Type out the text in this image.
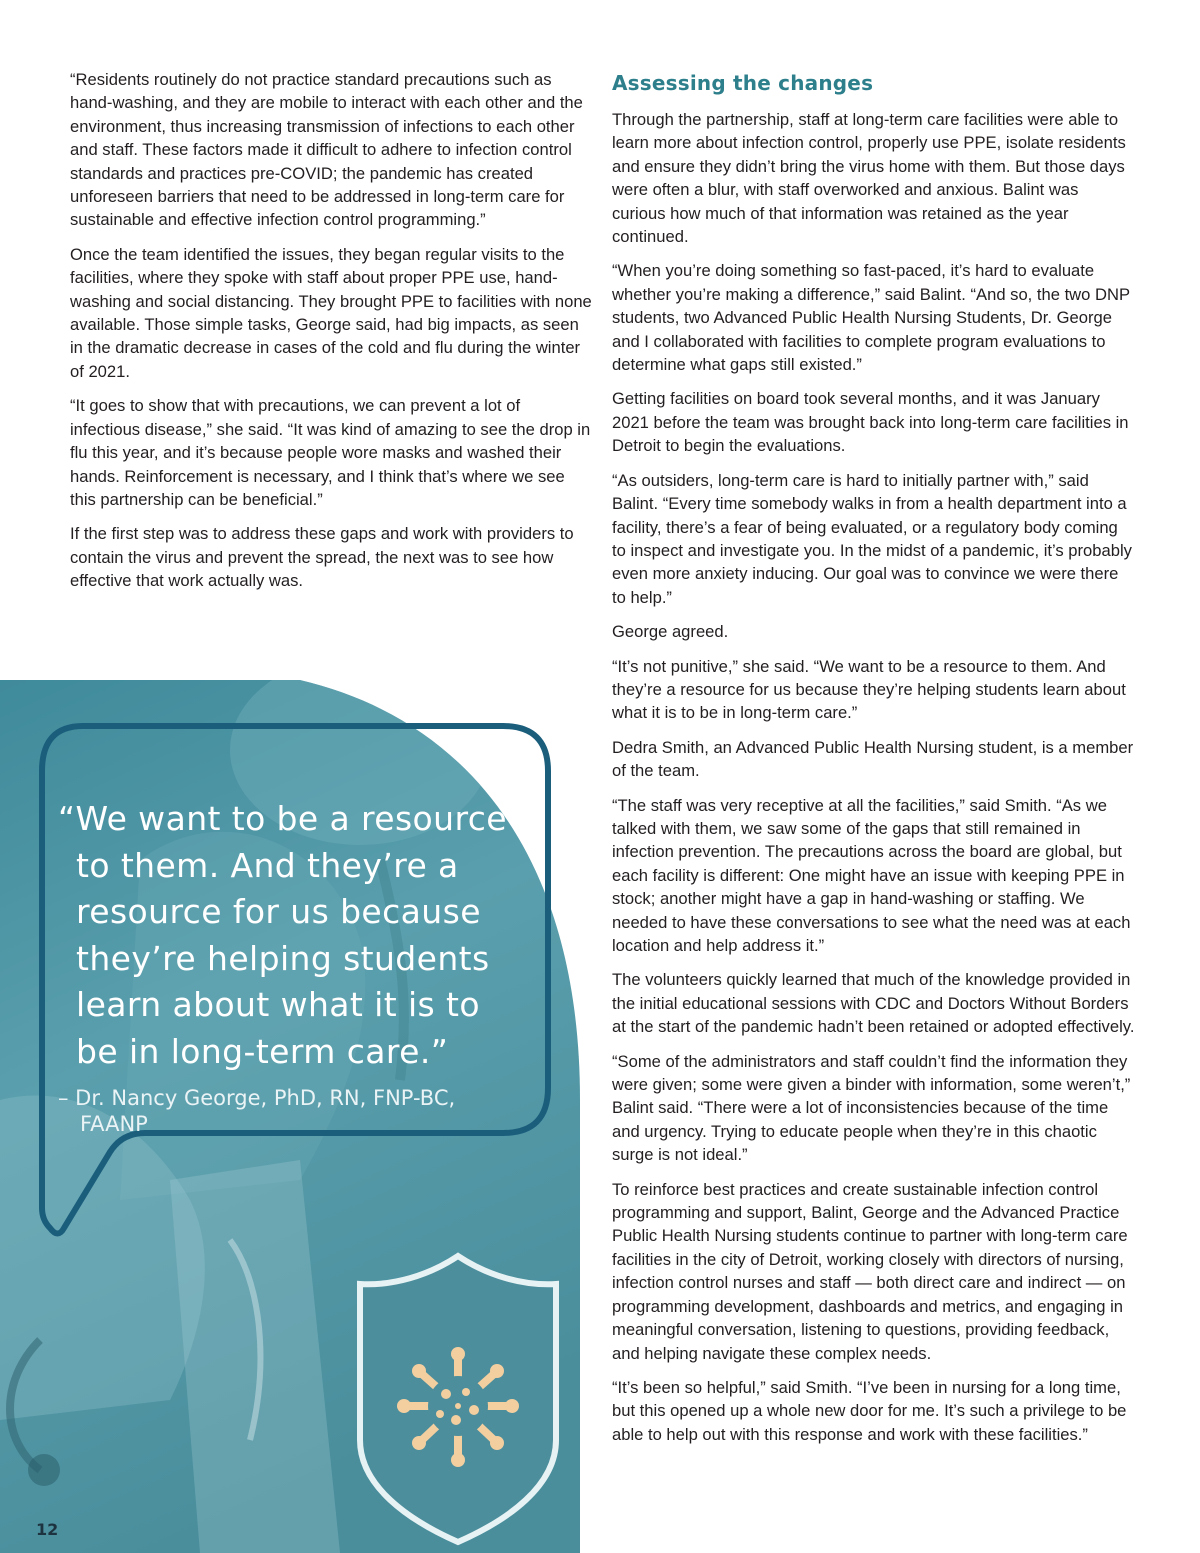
“Residents routinely do not practice standard precautions such as hand-washing, and they are mobile to interact with each other and the environment, thus increasing transmission of infections to each other and staff. These factors made it difficult to adhere to infection control standards and practices pre-COVID; the pandemic has created unforeseen barriers that need to be addressed in long-term care for sustainable and effective infection control programming.”

Once the team identified the issues, they began regular visits to the facilities, where they spoke with staff about proper PPE use, hand-washing and social distancing. They brought PPE to facilities with none available. Those simple tasks, George said, had big impacts, as seen in the dramatic decrease in cases of the cold and flu during the winter of 2021.

“It goes to show that with precautions, we can prevent a lot of infectious disease,” she said. “It was kind of amazing to see the drop in flu this year, and it’s because people wore masks and washed their hands. Reinforcement is necessary, and I think that’s where we see this partnership can be beneficial.”

If the first step was to address these gaps and work with providers to contain the virus and prevent the spread, the next was to see how effective that work actually was.

Assessing the changes

Through the partnership, staff at long-term care facilities were able to learn more about infection control, properly use PPE, isolate residents and ensure they didn’t bring the virus home with them. But those days were often a blur, with staff overworked and anxious. Balint was curious how much of that information was retained as the year continued.

“When you’re doing something so fast-paced, it’s hard to evaluate whether you’re making a difference,” said Balint. “And so, the two DNP students, two Advanced Public Health Nursing Students, Dr. George and I collaborated with facilities to complete program evaluations to determine what gaps still existed.”

Getting facilities on board took several months, and it was January 2021 before the team was brought back into long-term care facilities in Detroit to begin the evaluations.

“As outsiders, long-term care is hard to initially partner with,” said Balint. “Every time somebody walks in from a health department into a facility, there’s a fear of being evaluated, or a regulatory body coming to inspect and investigate you. In the midst of a pandemic, it’s probably even more anxiety inducing. Our goal was to convince we were there to help.”

George agreed.

“It’s not punitive,” she said. “We want to be a resource to them. And they’re a resource for us because they’re helping students learn about what it is to be in long-term care.”

Dedra Smith, an Advanced Public Health Nursing student, is a member of the team.

“The staff was very receptive at all the facilities,” said Smith. “As we talked with them, we saw some of the gaps that still remained in infection prevention. The precautions across the board are global, but each facility is different: One might have an issue with keeping PPE in stock; another might have a gap in hand-washing or staffing. We needed to have these conversations to see what the need was at each location and help address it.”

The volunteers quickly learned that much of the knowledge provided in the initial educational sessions with CDC and Doctors Without Borders at the start of the pandemic hadn’t been retained or adopted effectively.

“Some of the administrators and staff couldn’t find the information they were given; some were given a binder with information, some weren’t,” Balint said. “There were a lot of inconsistencies because of the time and urgency. Trying to educate people when they’re in this chaotic surge is not ideal.”

To reinforce best practices and create sustainable infection control programming and support, Balint, George and the Advanced Practice Public Health Nursing students continue to partner with long-term care facilities in the city of Detroit, working closely with directors of nursing, infection control nurses and staff — both direct care and indirect — on programming development, dashboards and metrics, and engaging in meaningful conversation, listening to questions, providing feedback, and helping navigate these complex needs.

“It’s been so helpful,” said Smith. “I’ve been in nursing for a long time, but this opened up a whole new door for me. It’s such a privilege to be able to help out with this response and work with these facilities.”

“We want to be a resource to them. And they’re a resource for us because they’re helping students learn about what it is to be in long-term care.”

– Dr. Nancy George, PhD, RN, FNP-BC, FAANP

12
